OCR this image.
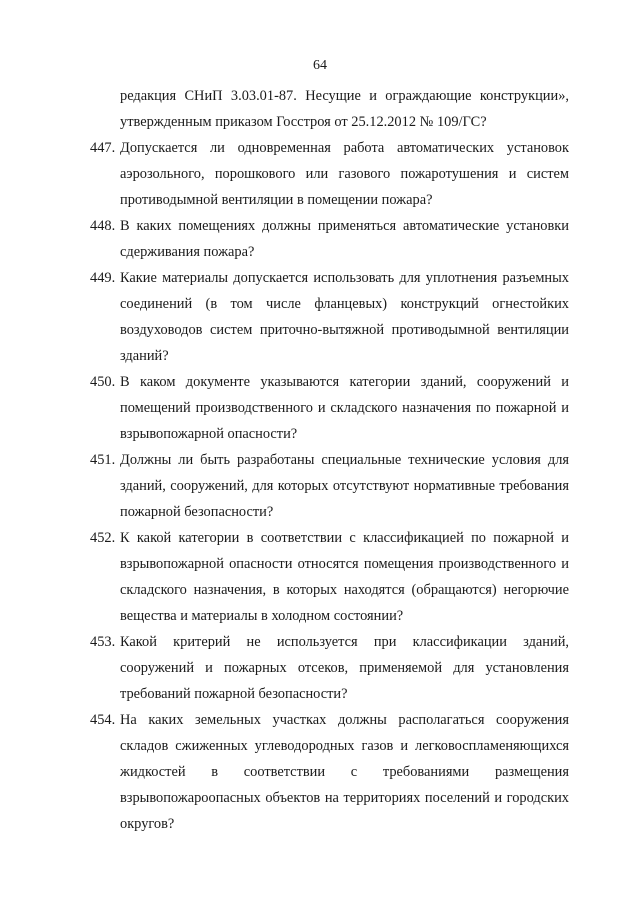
64
редакция СНиП 3.03.01-87. Несущие и ограждающие конструкции», утвержденным приказом Госстроя от 25.12.2012 № 109/ГС?
447. Допускается ли одновременная работа автоматических установок аэрозольного, порошкового или газового пожаротушения и систем противодымной вентиляции в помещении пожара?
448. В каких помещениях должны применяться автоматические установки сдерживания пожара?
449. Какие материалы допускается использовать для уплотнения разъемных соединений (в том числе фланцевых) конструкций огнестойких воздуховодов систем приточно-вытяжной противодымной вентиляции зданий?
450. В каком документе указываются категории зданий, сооружений и помещений производственного и складского назначения по пожарной и взрывопожарной опасности?
451. Должны ли быть разработаны специальные технические условия для зданий, сооружений, для которых отсутствуют нормативные требования пожарной безопасности?
452. К какой категории в соответствии с классификацией по пожарной и взрывопожарной опасности относятся помещения производственного и складского назначения, в которых находятся (обращаются) негорючие вещества и материалы в холодном состоянии?
453. Какой критерий не используется при классификации зданий, сооружений и пожарных отсеков, применяемой для установления требований пожарной безопасности?
454. На каких земельных участках должны располагаться сооружения складов сжиженных углеводородных газов и легковоспламеняющихся жидкостей в соответствии с требованиями размещения взрывопожароопасных объектов на территориях поселений и городских округов?
